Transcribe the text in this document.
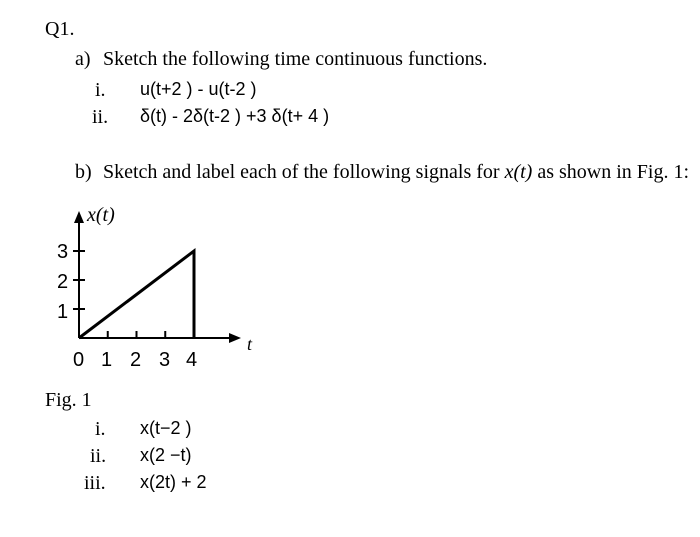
Q1.
a) Sketch the following time continuous functions.
i. u(t+2 ) - u(t-2 )
ii. δ(t) - 2δ(t-2 ) +3 δ(t+ 4 )
b) Sketch and label each of the following signals for x(t) as shown in Fig. 1:
x(t)
t
0 1 2 3 4
3
2
1
Fig. 1
i. x(t−2 )
ii. x(2 −t)
iii. x(2t) + 2
